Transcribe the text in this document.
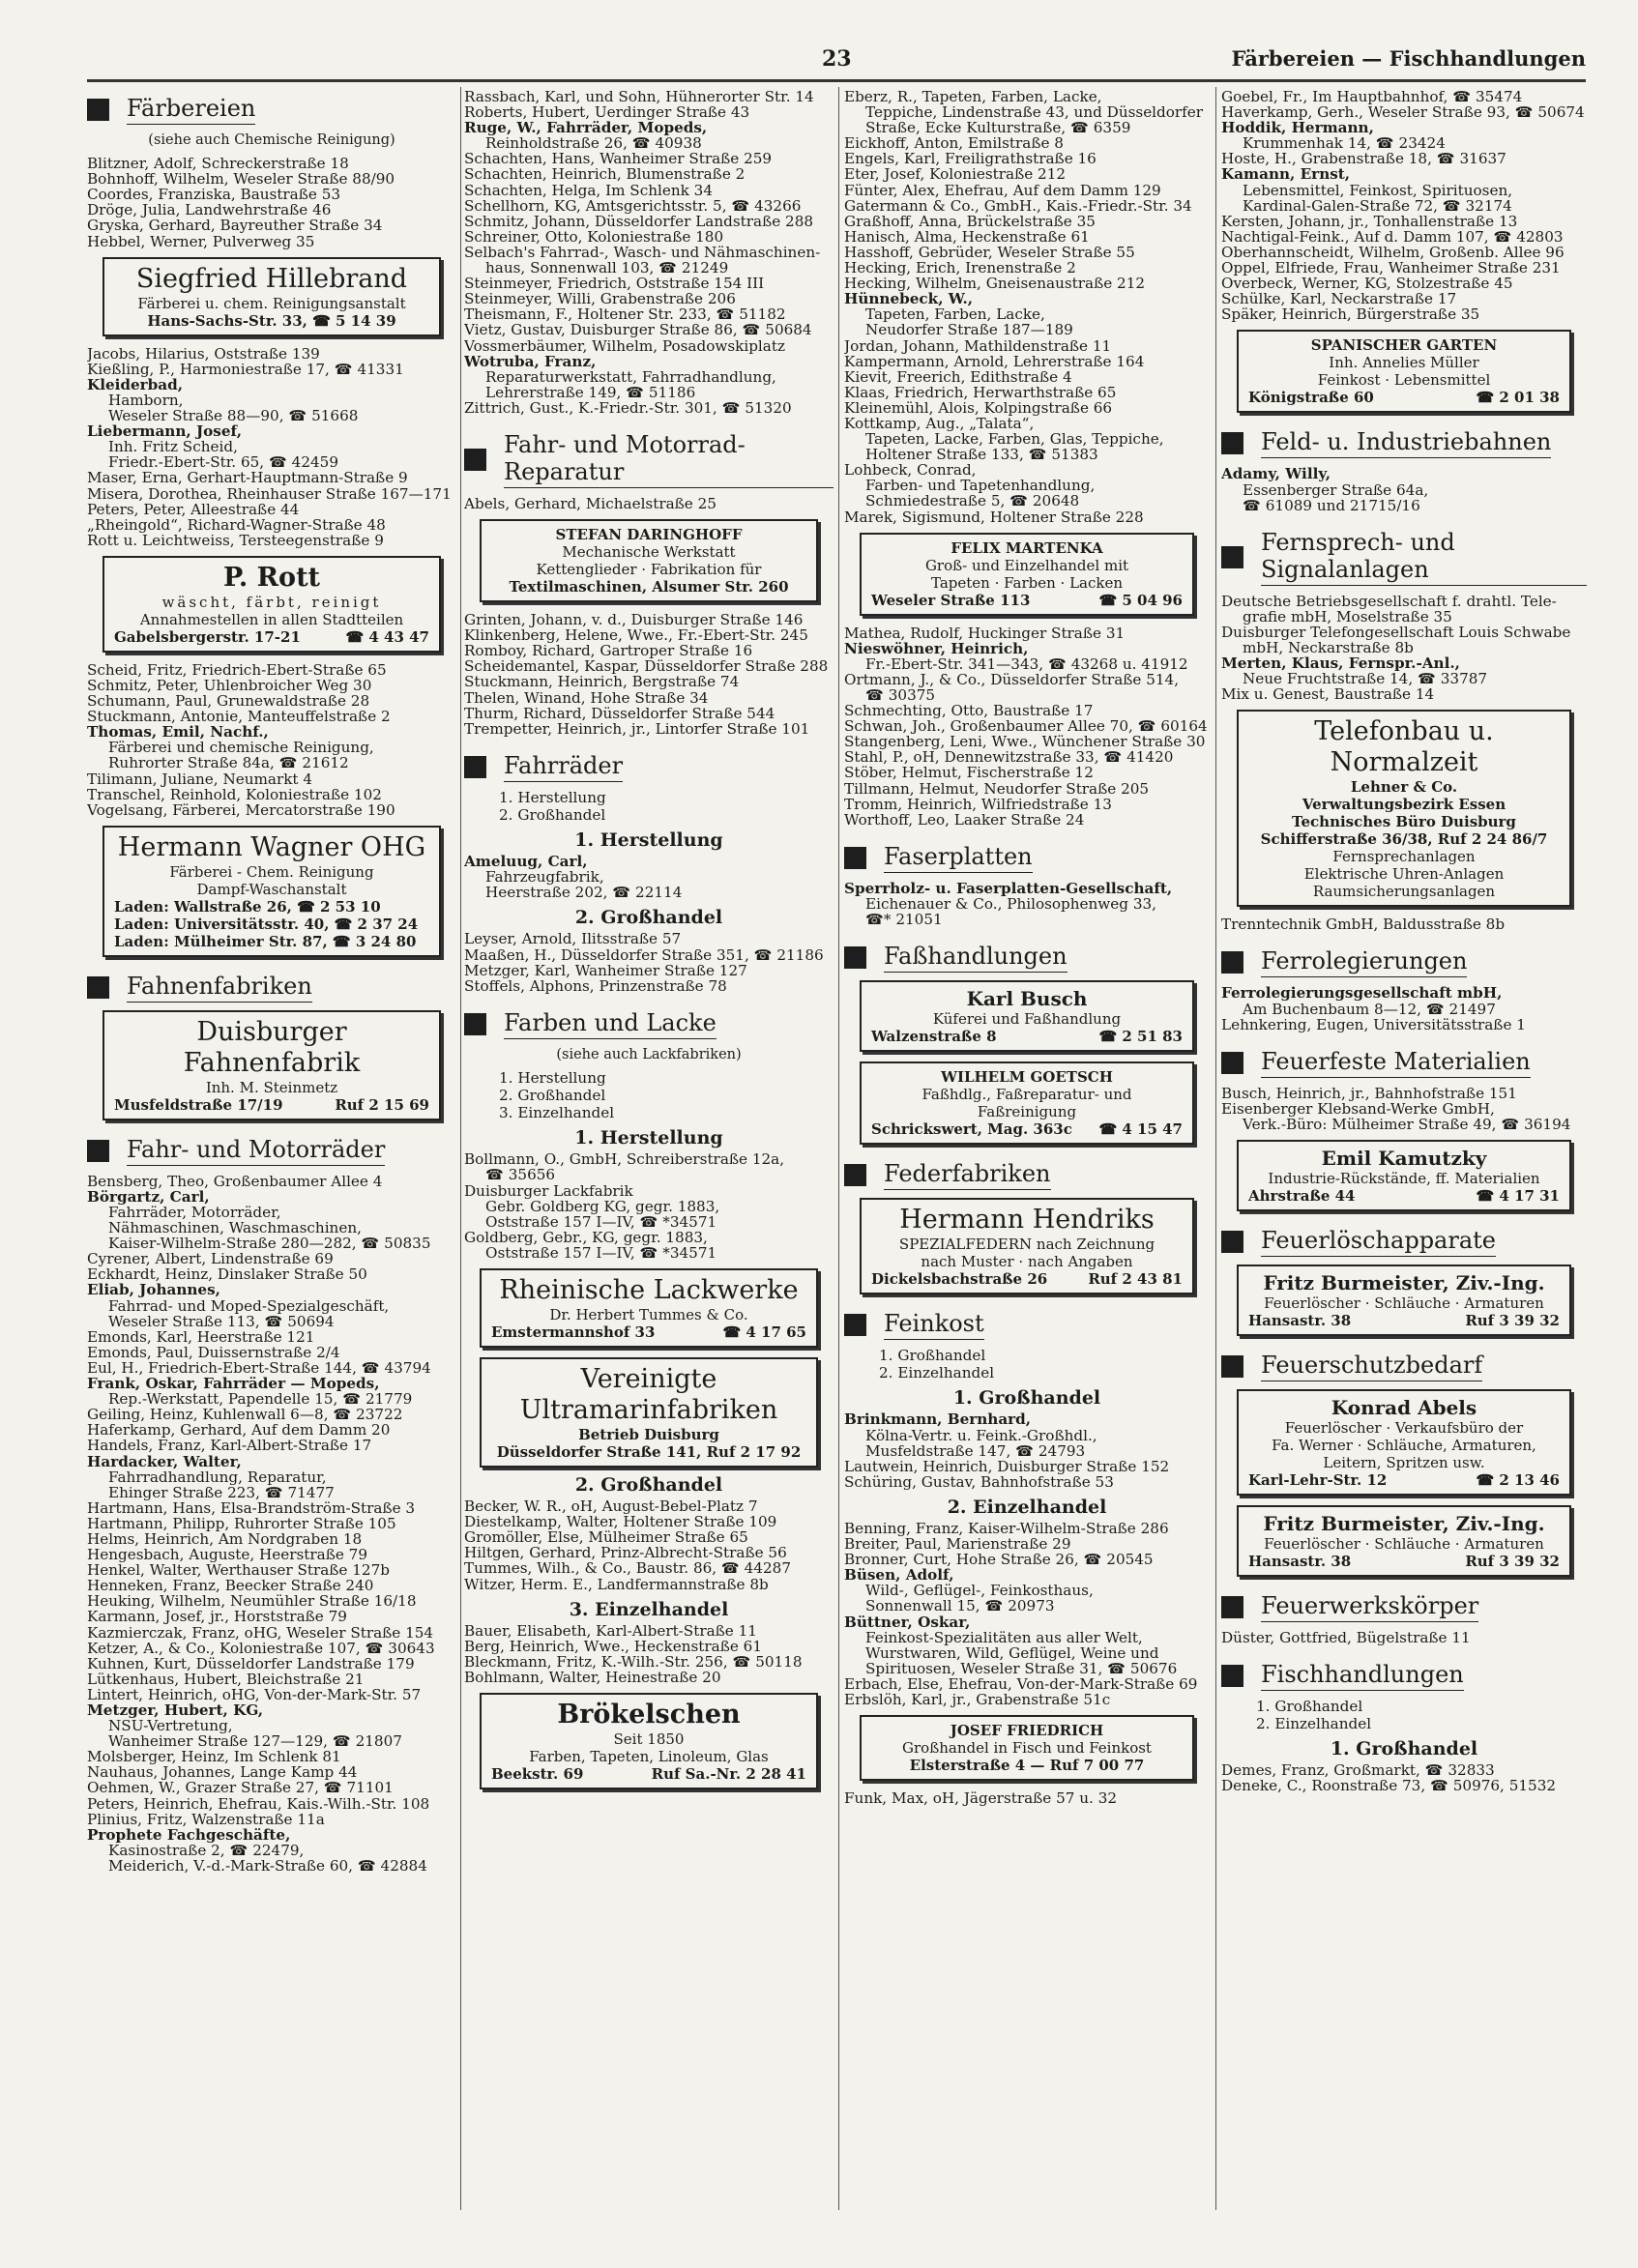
23	Färbereien — Fischhandlungen
Färbereien
(siehe auch Chemische Reinigung)
Blitzner, Adolf, Schreckerstraße 18
Bohnhoff, Wilhelm, Weseler Straße 88/90
Coordes, Franziska, Baustraße 53
Dröge, Julia, Landwehrstraße 46
Gryska, Gerhard, Bayreuther Straße 34
Hebbel, Werner, Pulverweg 35
Siegfried Hillebrand
Färberei u. chem. Reinigungsanstalt
Hans-Sachs-Str. 33, ☎ 5 14 39
Jacobs, Hilarius, Oststraße 139
Kießling, P., Harmoniestraße 17, ☎ 41331
Kleiderbad,
Hamborn,
Weseler Straße 88—90, ☎ 51668
Liebermann, Josef,
Inh. Fritz Scheid,
Friedr.-Ebert-Str. 65, ☎ 42459
Maser, Erna, Gerhart-Hauptmann-Straße 9
Misera, Dorothea, Rheinhauser Straße 167—171
Peters, Peter, Alleestraße 44
„Rheingold“, Richard-Wagner-Straße 48
Rott u. Leichtweiss, Tersteegenstraße 9
P. Rott
wäscht, färbt, reinigt
Annahmestellen in allen Stadtteilen
Gabelsbergerstr. 17-21	☎ 4 43 47
Scheid, Fritz, Friedrich-Ebert-Straße 65
Schmitz, Peter, Uhlenbroicher Weg 30
Schumann, Paul, Grunewaldstraße 28
Stuckmann, Antonie, Manteuffelstraße 2
Thomas, Emil, Nachf.,
Färberei und chemische Reinigung,
Ruhrorter Straße 84a, ☎ 21612
Tilimann, Juliane, Neumarkt 4
Transchel, Reinhold, Koloniestraße 102
Vogelsang, Färberei, Mercatorstraße 190
Hermann Wagner OHG
Färberei - Chem. Reinigung
Dampf-Waschanstalt
Laden: Wallstraße 26, ☎ 2 53 10
Laden: Universitätsstr. 40, ☎ 2 37 24
Laden: Mülheimer Str. 87, ☎ 3 24 80
Fahnenfabriken
Duisburger Fahnenfabrik
Inh. M. Steinmetz
Musfeldstraße 17/19	Ruf 2 15 69
Fahr- und Motorräder
Bensberg, Theo, Großenbaumer Allee 4
Börgartz, Carl,
Fahrräder, Motorräder,
Nähmaschinen, Waschmaschinen,
Kaiser-Wilhelm-Straße 280—282, ☎ 50835
Cyrener, Albert, Lindenstraße 69
Eckhardt, Heinz, Dinslaker Straße 50
Eliab, Johannes,
Fahrrad- und Moped-Spezialgeschäft,
Weseler Straße 113, ☎ 50694
Emonds, Karl, Heerstraße 121
Emonds, Paul, Duissernstraße 2/4
Eul, H., Friedrich-Ebert-Straße 144, ☎ 43794
Frank, Oskar, Fahrräder — Mopeds,
Rep.-Werkstatt, Papendelle 15, ☎ 21779
Geiling, Heinz, Kuhlenwall 6—8, ☎ 23722
Haferkamp, Gerhard, Auf dem Damm 20
Handels, Franz, Karl-Albert-Straße 17
Hardacker, Walter,
Fahrradhandlung, Reparatur,
Ehinger Straße 223, ☎ 71477
Hartmann, Hans, Elsa-Brandström-Straße 3
Hartmann, Philipp, Ruhrorter Straße 105
Helms, Heinrich, Am Nordgraben 18
Hengesbach, Auguste, Heerstraße 79
Henkel, Walter, Werthauser Straße 127b
Henneken, Franz, Beecker Straße 240
Heuking, Wilhelm, Neumühler Straße 16/18
Karmann, Josef, jr., Horststraße 79
Kazmierczak, Franz, oHG, Weseler Straße 154
Ketzer, A., & Co., Koloniestraße 107, ☎ 30643
Kuhnen, Kurt, Düsseldorfer Landstraße 179
Lütkenhaus, Hubert, Bleichstraße 21
Lintert, Heinrich, oHG, Von-der-Mark-Str. 57
Metzger, Hubert, KG,
NSU-Vertretung,
Wanheimer Straße 127—129, ☎ 21807
Molsberger, Heinz, Im Schlenk 81
Nauhaus, Johannes, Lange Kamp 44
Oehmen, W., Grazer Straße 27, ☎ 71101
Peters, Heinrich, Ehefrau, Kais.-Wilh.-Str. 108
Plinius, Fritz, Walzenstraße 11a
Prophete Fachgeschäfte,
Kasinostraße 2, ☎ 22479,
Meiderich, V.-d.-Mark-Straße 60, ☎ 42884
Rassbach, Karl, und Sohn, Hühnerorter Str. 14
Roberts, Hubert, Uerdinger Straße 43
Ruge, W., Fahrräder, Mopeds,
Reinholdstraße 26, ☎ 40938
Schachten, Hans, Wanheimer Straße 259
Schachten, Heinrich, Blumenstraße 2
Schachten, Helga, Im Schlenk 34
Schellhorn, KG, Amtsgerichtsstr. 5, ☎ 43266
Schmitz, Johann, Düsseldorfer Landstraße 288
Schreiner, Otto, Koloniestraße 180
Selbach's Fahrrad-, Wasch- und Nähmaschinen-
haus, Sonnenwall 103, ☎ 21249
Steinmeyer, Friedrich, Oststraße 154 III
Steinmeyer, Willi, Grabenstraße 206
Theismann, F., Holtener Str. 233, ☎ 51182
Vietz, Gustav, Duisburger Straße 86, ☎ 50684
Vossmerbäumer, Wilhelm, Posadowskiplatz
Wotruba, Franz,
Reparaturwerkstatt, Fahrradhandlung,
Lehrerstraße 149, ☎ 51186
Zittrich, Gust., K.-Friedr.-Str. 301, ☎ 51320
Fahr- und Motorrad-Reparatur
Abels, Gerhard, Michaelstraße 25
STEFAN DARINGHOFF
Mechanische Werkstatt
Kettenglieder · Fabrikation für
Textilmaschinen, Alsumer Str. 260
Grinten, Johann, v. d., Duisburger Straße 146
Klinkenberg, Helene, Wwe., Fr.-Ebert-Str. 245
Romboy, Richard, Gartroper Straße 16
Scheidemantel, Kaspar, Düsseldorfer Straße 288
Stuckmann, Heinrich, Bergstraße 74
Thelen, Winand, Hohe Straße 34
Thurm, Richard, Düsseldorfer Straße 544
Trempetter, Heinrich, jr., Lintorfer Straße 101
Fahrräder
1. Herstellung
2. Großhandel
1. Herstellung
Ameluug, Carl,
Fahrzeugfabrik,
Heerstraße 202, ☎ 22114
2. Großhandel
Leyser, Arnold, Ilitsstraße 57
Maaßen, H., Düsseldorfer Straße 351, ☎ 21186
Metzger, Karl, Wanheimer Straße 127
Stoffels, Alphons, Prinzenstraße 78
Farben und Lacke
(siehe auch Lackfabriken)
1. Herstellung
2. Großhandel
3. Einzelhandel
1. Herstellung
Bollmann, O., GmbH, Schreiberstraße 12a,
☎ 35656
Duisburger Lackfabrik
Gebr. Goldberg KG, gegr. 1883,
Oststraße 157 I—IV, ☎ *34571
Goldberg, Gebr., KG, gegr. 1883,
Oststraße 157 I—IV, ☎ *34571
Rheinische Lackwerke
Dr. Herbert Tummes & Co.
Emstermannshof 33	☎ 4 17 65
Vereinigte
Ultramarinfabriken
Betrieb Duisburg
Düsseldorfer Straße 141, Ruf 2 17 92
2. Großhandel
Becker, W. R., oH, August-Bebel-Platz 7
Diestelkamp, Walter, Holtener Straße 109
Gromöller, Else, Mülheimer Straße 65
Hiltgen, Gerhard, Prinz-Albrecht-Straße 56
Tummes, Wilh., & Co., Baustr. 86, ☎ 44287
Witzer, Herm. E., Landfermannstraße 8b
3. Einzelhandel
Bauer, Elisabeth, Karl-Albert-Straße 11
Berg, Heinrich, Wwe., Heckenstraße 61
Bleckmann, Fritz, K.-Wilh.-Str. 256, ☎ 50118
Bohlmann, Walter, Heinestraße 20
Brökelschen
Seit 1850
Farben, Tapeten, Linoleum, Glas
Beekstr. 69	Ruf Sa.-Nr. 2 28 41
Eberz, R., Tapeten, Farben, Lacke,
Teppiche, Lindenstraße 43, und Düsseldorfer
Straße, Ecke Kulturstraße, ☎ 6359
Eickhoff, Anton, Emilstraße 8
Engels, Karl, Freiligrathstraße 16
Eter, Josef, Koloniestraße 212
Fünter, Alex, Ehefrau, Auf dem Damm 129
Gatermann & Co., GmbH., Kais.-Friedr.-Str. 34
Graßhoff, Anna, Brückelstraße 35
Hanisch, Alma, Heckenstraße 61
Hasshoff, Gebrüder, Weseler Straße 55
Hecking, Erich, Irenenstraße 2
Hecking, Wilhelm, Gneisenaustraße 212
Hünnebeck, W.,
Tapeten, Farben, Lacke,
Neudorfer Straße 187—189
Jordan, Johann, Mathildenstraße 11
Kampermann, Arnold, Lehrerstraße 164
Kievit, Freerich, Edithstraße 4
Klaas, Friedrich, Herwarthstraße 65
Kleinemühl, Alois, Kolpingstraße 66
Kottkamp, Aug., „Talata“,
Tapeten, Lacke, Farben, Glas, Teppiche,
Holtener Straße 133, ☎ 51383
Lohbeck, Conrad,
Farben- und Tapetenhandlung,
Schmiedestraße 5, ☎ 20648
Marek, Sigismund, Holtener Straße 228
FELIX MARTENKA
Groß- und Einzelhandel mit
Tapeten · Farben · Lacken
Weseler Straße 113	☎ 5 04 96
Mathea, Rudolf, Huckinger Straße 31
Nieswöhner, Heinrich,
Fr.-Ebert-Str. 341—343, ☎ 43268 u. 41912
Ortmann, J., & Co., Düsseldorfer Straße 514,
☎ 30375
Schmechting, Otto, Baustraße 17
Schwan, Joh., Großenbaumer Allee 70, ☎ 60164
Stangenberg, Leni, Wwe., Wünchener Straße 30
Stahl, P., oH, Dennewitzstraße 33, ☎ 41420
Stöber, Helmut, Fischerstraße 12
Tillmann, Helmut, Neudorfer Straße 205
Tromm, Heinrich, Wilfriedstraße 13
Worthoff, Leo, Laaker Straße 24
Faserplatten
Sperrholz- u. Faserplatten-Gesellschaft,
Eichenauer & Co., Philosophenweg 33,
☎* 21051
Faßhandlungen
Karl Busch
Küferei und Faßhandlung
Walzenstraße 8	☎ 2 51 83
WILHELM GOETSCH
Faßhdlg., Faßreparatur- und
Faßreinigung
Schrickswert, Mag. 363c ☎ 4 15 47
Federfabriken
Hermann Hendriks
SPEZIALFEDERN nach Zeichnung
nach Muster · nach Angaben
Dickelsbachstraße 26	Ruf 2 43 81
Feinkost
1. Großhandel
2. Einzelhandel
1. Großhandel
Brinkmann, Bernhard,
Kölna-Vertr. u. Feink.-Großhdl.,
Musfeldstraße 147, ☎ 24793
Lautwein, Heinrich, Duisburger Straße 152
Schüring, Gustav, Bahnhofstraße 53
2. Einzelhandel
Benning, Franz, Kaiser-Wilhelm-Straße 286
Breiter, Paul, Marienstraße 29
Bronner, Curt, Hohe Straße 26, ☎ 20545
Büsen, Adolf,
Wild-, Geflügel-, Feinkosthaus,
Sonnenwall 15, ☎ 20973
Büttner, Oskar,
Feinkost-Spezialitäten aus aller Welt,
Wurstwaren, Wild, Geflügel, Weine und
Spirituosen, Weseler Straße 31, ☎ 50676
Erbach, Else, Ehefrau, Von-der-Mark-Straße 69
Erbslöh, Karl, jr., Grabenstraße 51c
JOSEF FRIEDRICH
Großhandel in Fisch und Feinkost
Elsterstraße 4 — Ruf 7 00 77
Funk, Max, oH, Jägerstraße 57 u. 32
Goebel, Fr., Im Hauptbahnhof, ☎ 35474
Haverkamp, Gerh., Weseler Straße 93, ☎ 50674
Hoddik, Hermann,
Krummenhak 14, ☎ 23424
Hoste, H., Grabenstraße 18, ☎ 31637
Kamann, Ernst,
Lebensmittel, Feinkost, Spirituosen,
Kardinal-Galen-Straße 72, ☎ 32174
Kersten, Johann, jr., Tonhallenstraße 13
Nachtigal-Feink., Auf d. Damm 107, ☎ 42803
Oberhannscheidt, Wilhelm, Großenb. Allee 96
Oppel, Elfriede, Frau, Wanheimer Straße 231
Overbeck, Werner, KG, Stolzestraße 45
Schülke, Karl, Neckarstraße 17
Späker, Heinrich, Bürgerstraße 35
SPANISCHER GARTEN
Inh. Annelies Müller
Feinkost · Lebensmittel
Königstraße 60	☎ 2 01 38
Feld- u. Industriebahnen
Adamy, Willy,
Essenberger Straße 64a,
☎ 61089 und 21715/16
Fernsprech- und Signalanlagen
Deutsche Betriebsgesellschaft f. drahtl. Tele-
grafie mbH, Moselstraße 35
Duisburger Telefongesellschaft Louis Schwabe
mbH, Neckarstraße 8b
Merten, Klaus, Fernspr.-Anl.,
Neue Fruchtstraße 14, ☎ 33787
Mix u. Genest, Baustraße 14
Telefonbau u. Normalzeit
Lehner & Co.
Verwaltungsbezirk Essen
Technisches Büro Duisburg
Schifferstraße 36/38, Ruf 2 24 86/7
Fernsprechanlagen
Elektrische Uhren-Anlagen
Raumsicherungsanlagen
Trenntechnik GmbH, Baldusstraße 8b
Ferrolegierungen
Ferrolegierungsgesellschaft mbH,
Am Buchenbaum 8—12, ☎ 21497
Lehnkering, Eugen, Universitätsstraße 1
Feuerfeste Materialien
Busch, Heinrich, jr., Bahnhofstraße 151
Eisenberger Klebsand-Werke GmbH,
Verk.-Büro: Mülheimer Straße 49, ☎ 36194
Emil Kamutzky
Industrie-Rückstände, ff. Materialien
Ahrstraße 44	☎ 4 17 31
Feuerlöschapparate
Fritz Burmeister, Ziv.-Ing.
Feuerlöscher · Schläuche · Armaturen
Hansastr. 38	Ruf 3 39 32
Feuerschutzbedarf
Konrad Abels
Feuerlöscher · Verkaufsbüro der
Fa. Werner · Schläuche, Armaturen,
Leitern, Spritzen usw.
Karl-Lehr-Str. 12	☎ 2 13 46
Fritz Burmeister, Ziv.-Ing.
Feuerlöscher · Schläuche · Armaturen
Hansastr. 38	Ruf 3 39 32
Feuerwerkskörper
Düster, Gottfried, Bügelstraße 11
Fischhandlungen
1. Großhandel
2. Einzelhandel
1. Großhandel
Demes, Franz, Großmarkt, ☎ 32833
Deneke, C., Roonstraße 73, ☎ 50976, 51532
